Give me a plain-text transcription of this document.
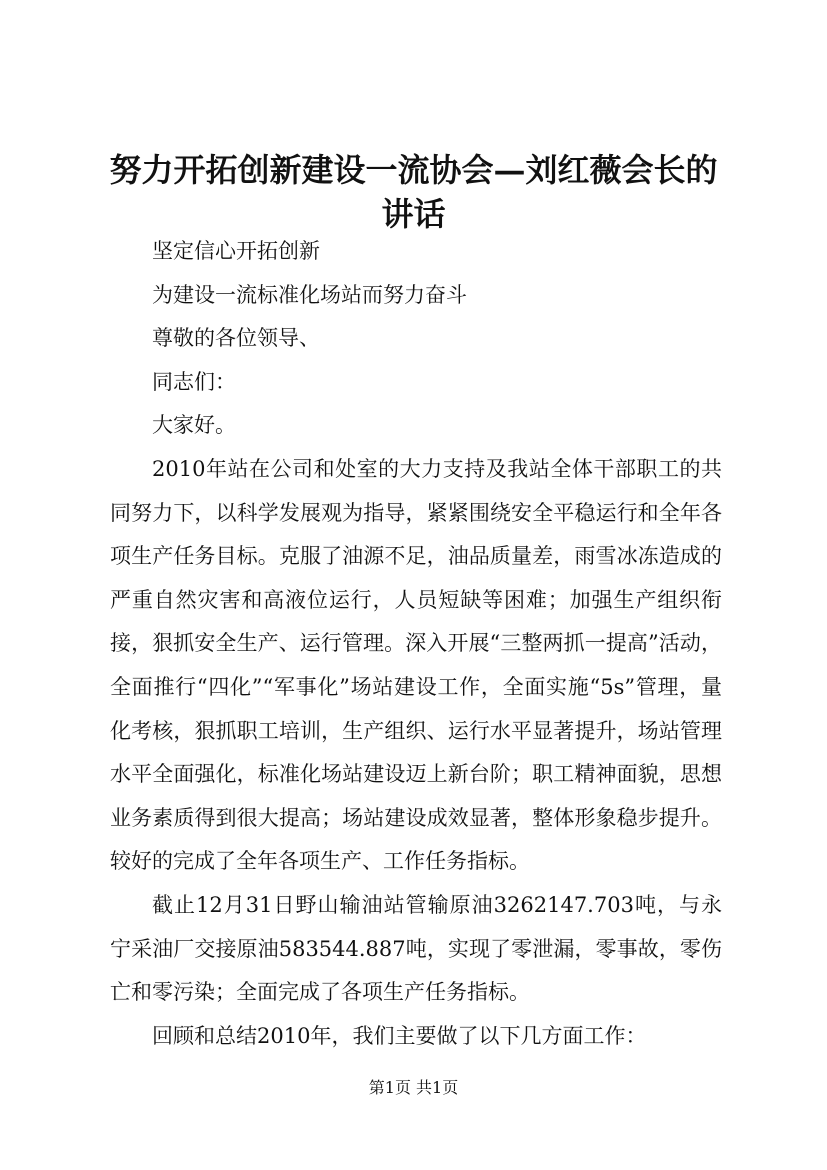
努力开拓创新建设一流协会—刘红薇会长的讲话

坚定信心开拓创新

为建设一流标准化场站而努力奋斗

尊敬的各位领导、

同志们：

大家好。

2010年站在公司和处室的大力支持及我站全体干部职工的共同努力下，以科学发展观为指导，紧紧围绕安全平稳运行和全年各项生产任务目标。克服了油源不足，油品质量差，雨雪冰冻造成的严重自然灾害和高液位运行，人员短缺等困难；加强生产组织衔接，狠抓安全生产、运行管理。深入开展“三整两抓一提高”活动，全面推行“四化”“军事化”场站建设工作，全面实施“5s”管理，量化考核，狠抓职工培训，生产组织、运行水平显著提升，场站管理水平全面强化，标准化场站建设迈上新台阶；职工精神面貌，思想业务素质得到很大提高；场站建设成效显著，整体形象稳步提升。较好的完成了全年各项生产、工作任务指标。

截止12月31日野山输油站管输原油3262147.703吨，与永宁采油厂交接原油583544.887吨，实现了零泄漏，零事故，零伤亡和零污染；全面完成了各项生产任务指标。

回顾和总结2010年，我们主要做了以下几方面工作：

第1页 共1页
